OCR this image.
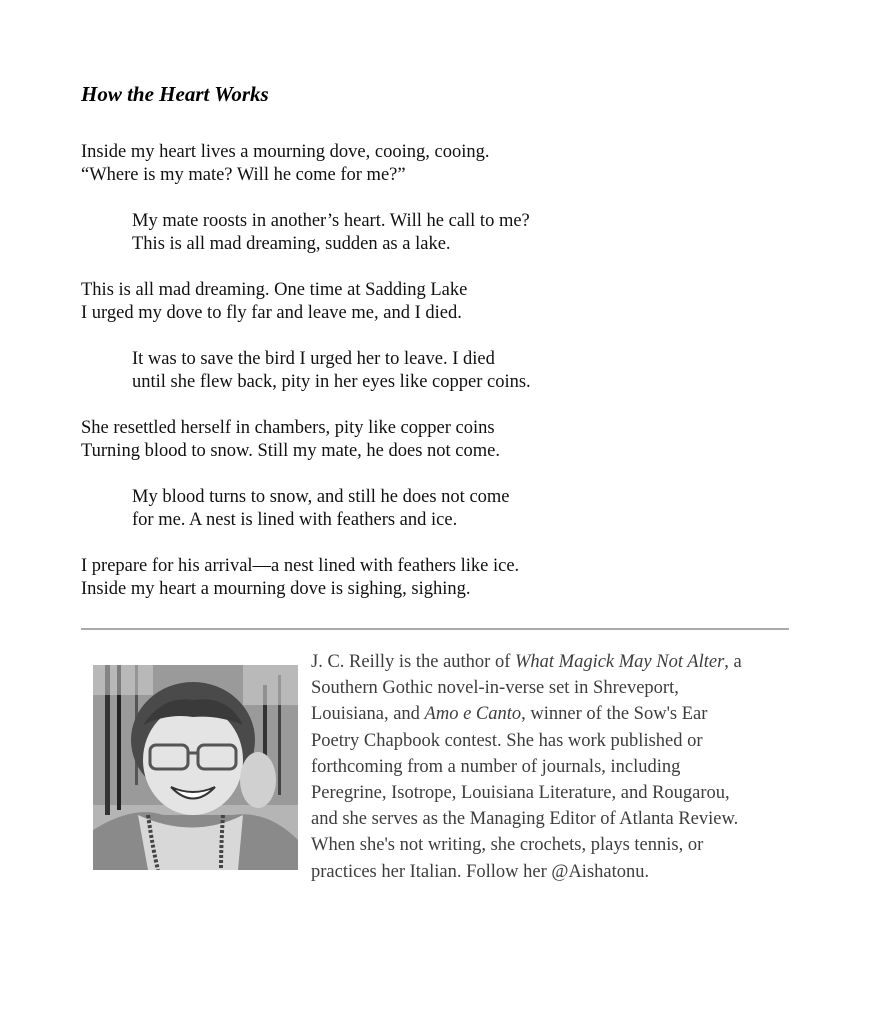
How the Heart Works
Inside my heart lives a mourning dove, cooing, cooing.
“Where is my mate? Will he come for me?”
My mate roosts in another’s heart. Will he call to me?
This is all mad dreaming, sudden as a lake.
This is all mad dreaming. One time at Sadding Lake
I urged my dove to fly far and leave me, and I died.
It was to save the bird I urged her to leave. I died
until she flew back, pity in her eyes like copper coins.
She resettled herself in chambers, pity like copper coins
Turning blood to snow. Still my mate, he does not come.
My blood turns to snow, and still he does not come
for me. A nest is lined with feathers and ice.
I prepare for his arrival—a nest lined with feathers like ice.
Inside my heart a mourning dove is sighing, sighing.
J. C. Reilly is the author of What Magick May Not Alter, a
Southern Gothic novel-in-verse set in Shreveport,
Louisiana, and Amo e Canto, winner of the Sow's Ear
Poetry Chapbook contest. She has work published or
forthcoming from a number of journals, including
Peregrine, Isotrope, Louisiana Literature, and Rougarou,
and she serves as the Managing Editor of Atlanta Review.
When she's not writing, she crochets, plays tennis, or
practices her Italian. Follow her @Aishatonu.
